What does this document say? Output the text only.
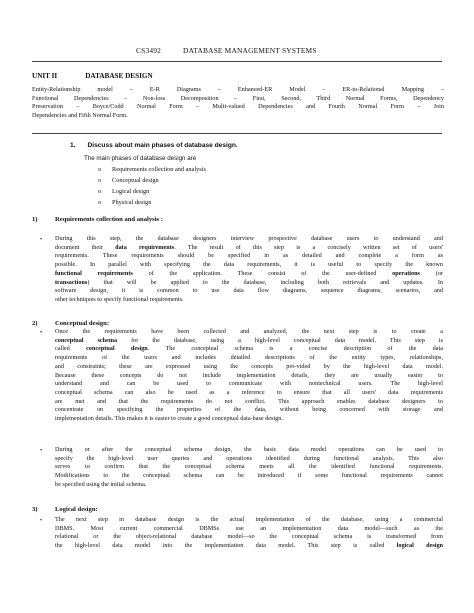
CS3492	DATABASE MANAGEMENT SYSTEMS
UNIT II	DATABASE DESIGN
Entity-Relationship model – E-R Diagrams – Enhanced-ER Model – ER-to-Relational Mapping –
Functional Dependencies – Non-loss Decomposition – First, Second, Third Normal Forms, Dependency
Preservation – Boyce/Codd Normal Form – Multi-valued Dependencies and Fourth Normal Form – Join
Dependencies and Fifth Normal Form.
1. Discuss about main phases of database design.
The main phases of database design are
o Requirements collection and analysis
o Conceptual design
o Logical design
o Physical design
1)	Requirements collection and analysis :
• During this step, the database designers interview prospective database users to understand and
document their data requirements. The result of this step is a concisely written set of users'
requirements. These requirements should be specified in as detailed and complete a form as
possible. In parallel with specifying the data requirements, it is useful to specify the known
functional requirements of the application. These consist of the user-defined operations (or
transactions) that will be applied to the database, including both retrievals and updates. In
software design, it is common to use data flow diagrams, sequence diagrams, scenarios, and
other techniques to specify functional requirements.
2)	Conceptual design:
• Once the requirements have been collected and analyzed, the next step is to create a
conceptual schema for the database, using a high-level conceptual data model. This step is
called conceptual design. The conceptual schema is a concise description of the data
requirements of the users and includes detailed descriptions of the entity types, relationships,
and constraints; these are expressed using the concepts pro-vided by the high-level data model.
Because these concepts do not include implementation details, they are usually easier to
understand and can be used to communicate with nontechnical users. The high-level
conceptual schema can also be used as a reference to ensure that all users' data requirements
are met and that the requirements do not conflict. This approach enables database designers to
concentrate on specifying the properties of the data, without being concerned with storage and
implementation details. This makes it is easier to create a good conceptual data-base design.
• During or after the conceptual schema design, the basic data model operations can be used to
specify the high-level user queries and operations identified during functional analysis. This also
serves to confirm that the conceptual schema meets all the identified functional requirements.
Modifications to the conceptual schema can be introduced if some functional requirements cannot
be specified using the initial schema.
3)	Logical design:
• The next step in database design is the actual implementation of the database, using a commercial
DBMS. Most current commercial DBMSs use an implementation data model—such as the
relational or the object-relational database model—so the conceptual schema is transformed from
the high-level data model into the implementation data model. This step is called logical design
